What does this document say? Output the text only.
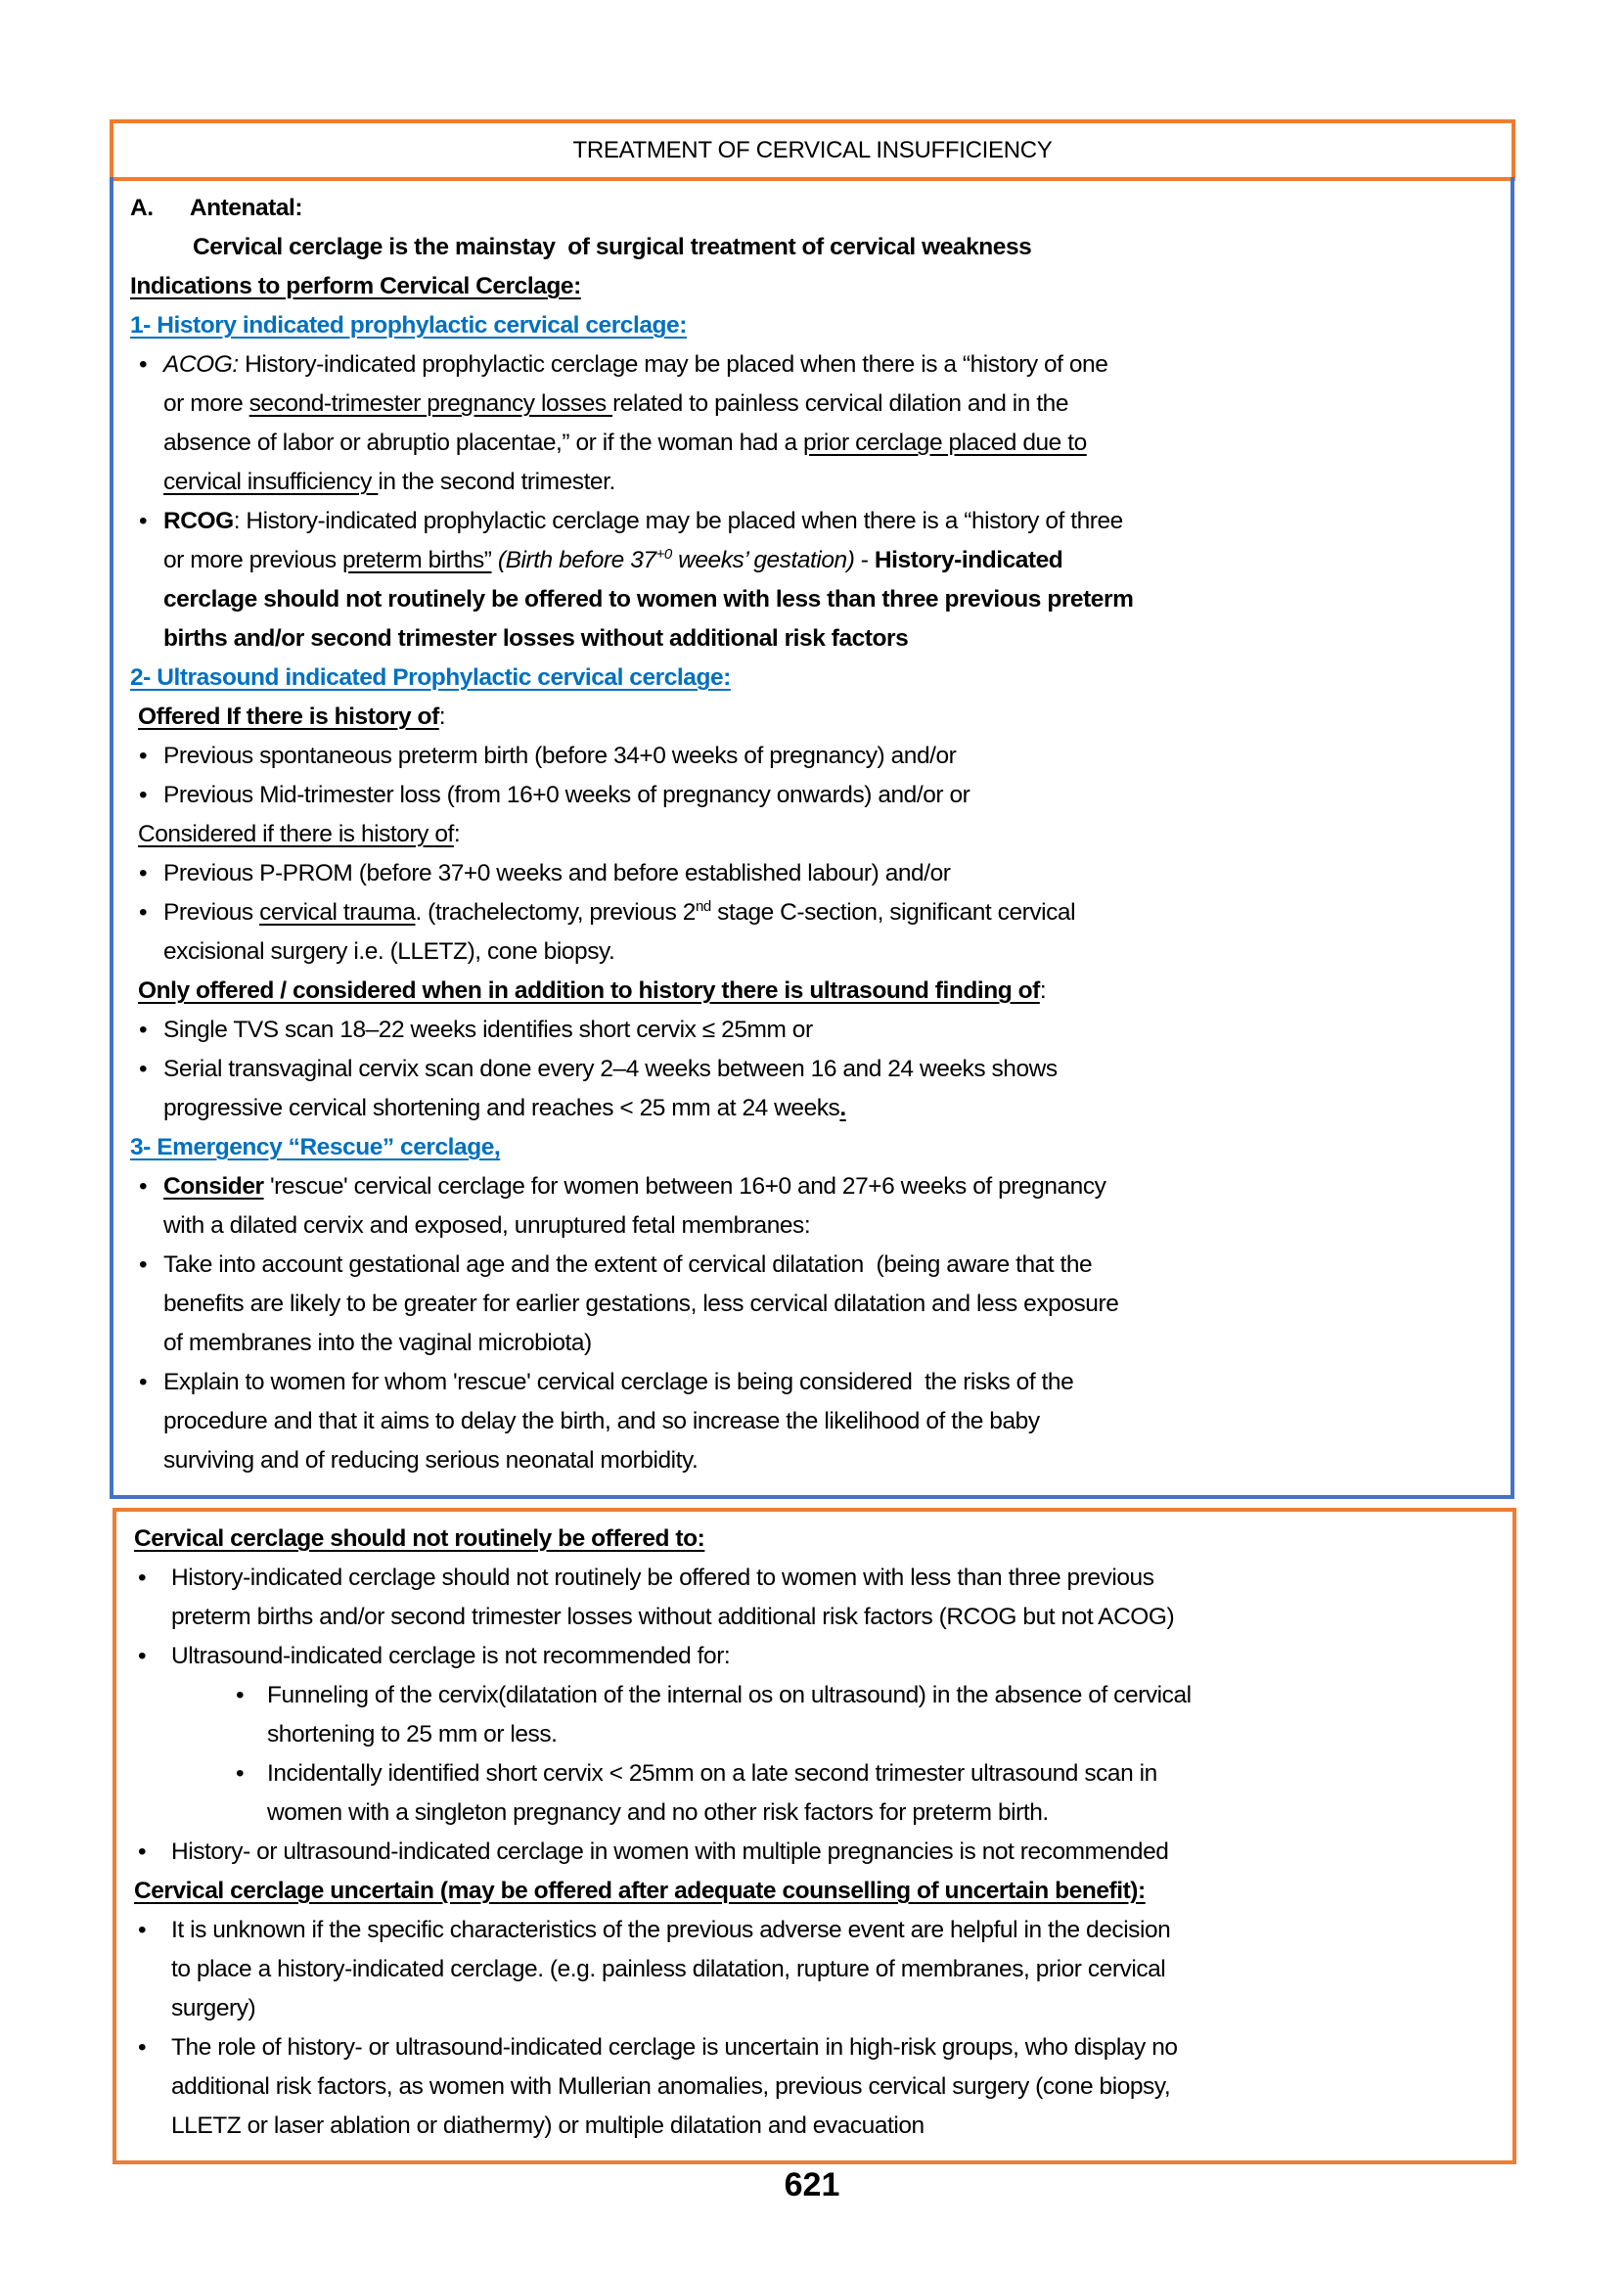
TREATMENT OF CERVICAL INSUFFICIENCY
A.      Antenatal:
Cervical cerclage is the mainstay  of surgical treatment of cervical weakness
Indications to perform Cervical Cerclage:
1- History indicated prophylactic cervical cerclage:
• ACOG: History-indicated prophylactic cerclage may be placed when there is a “history of one
or more second-trimester pregnancy losses related to painless cervical dilation and in the
absence of labor or abruptio placentae,” or if the woman had a prior cerclage placed due to
cervical insufficiency in the second trimester.
• RCOG: History-indicated prophylactic cerclage may be placed when there is a “history of three
or more previous preterm births” (Birth before $37^{+0}$ weeks’ gestation) - History-indicated
cerclage should not routinely be offered to women with less than three previous preterm
births and/or second trimester losses without additional risk factors
2- Ultrasound indicated Prophylactic cervical cerclage:
Offered If there is history of:
• Previous spontaneous preterm birth (before 34+0 weeks of pregnancy) and/or
• Previous Mid-trimester loss (from 16+0 weeks of pregnancy onwards) and/or or
Considered if there is history of:
• Previous P-PROM (before 37+0 weeks and before established labour) and/or
• Previous cervical trauma. (trachelectomy, previous 2nd stage C-section, significant cervical
excisional surgery i.e. (LLETZ), cone biopsy.
Only offered / considered when in addition to history there is ultrasound finding of:
• Single TVS scan 18–22 weeks identifies short cervix ≤ 25mm or
• Serial transvaginal cervix scan done every 2–4 weeks between 16 and 24 weeks shows
progressive cervical shortening and reaches < 25 mm at 24 weeks.
3- Emergency “Rescue” cerclage,
• Consider 'rescue' cervical cerclage for women between 16+0 and 27+6 weeks of pregnancy
with a dilated cervix and exposed, unruptured fetal membranes:
• Take into account gestational age and the extent of cervical dilatation  (being aware that the
benefits are likely to be greater for earlier gestations, less cervical dilatation and less exposure
of membranes into the vaginal microbiota)
• Explain to women for whom 'rescue' cervical cerclage is being considered  the risks of the
procedure and that it aims to delay the birth, and so increase the likelihood of the baby
surviving and of reducing serious neonatal morbidity.
Cervical cerclage should not routinely be offered to:
• History-indicated cerclage should not routinely be offered to women with less than three previous
preterm births and/or second trimester losses without additional risk factors (RCOG but not ACOG)
• Ultrasound-indicated cerclage is not recommended for:
• Funneling of the cervix(dilatation of the internal os on ultrasound) in the absence of cervical
shortening to 25 mm or less.
• Incidentally identified short cervix < 25mm on a late second trimester ultrasound scan in
women with a singleton pregnancy and no other risk factors for preterm birth.
• History- or ultrasound-indicated cerclage in women with multiple pregnancies is not recommended
Cervical cerclage uncertain (may be offered after adequate counselling of uncertain benefit):
• It is unknown if the specific characteristics of the previous adverse event are helpful in the decision
to place a history-indicated cerclage. (e.g. painless dilatation, rupture of membranes, prior cervical
surgery)
• The role of history- or ultrasound-indicated cerclage is uncertain in high-risk groups, who display no
additional risk factors, as women with Mullerian anomalies, previous cervical surgery (cone biopsy,
LLETZ or laser ablation or diathermy) or multiple dilatation and evacuation
621
